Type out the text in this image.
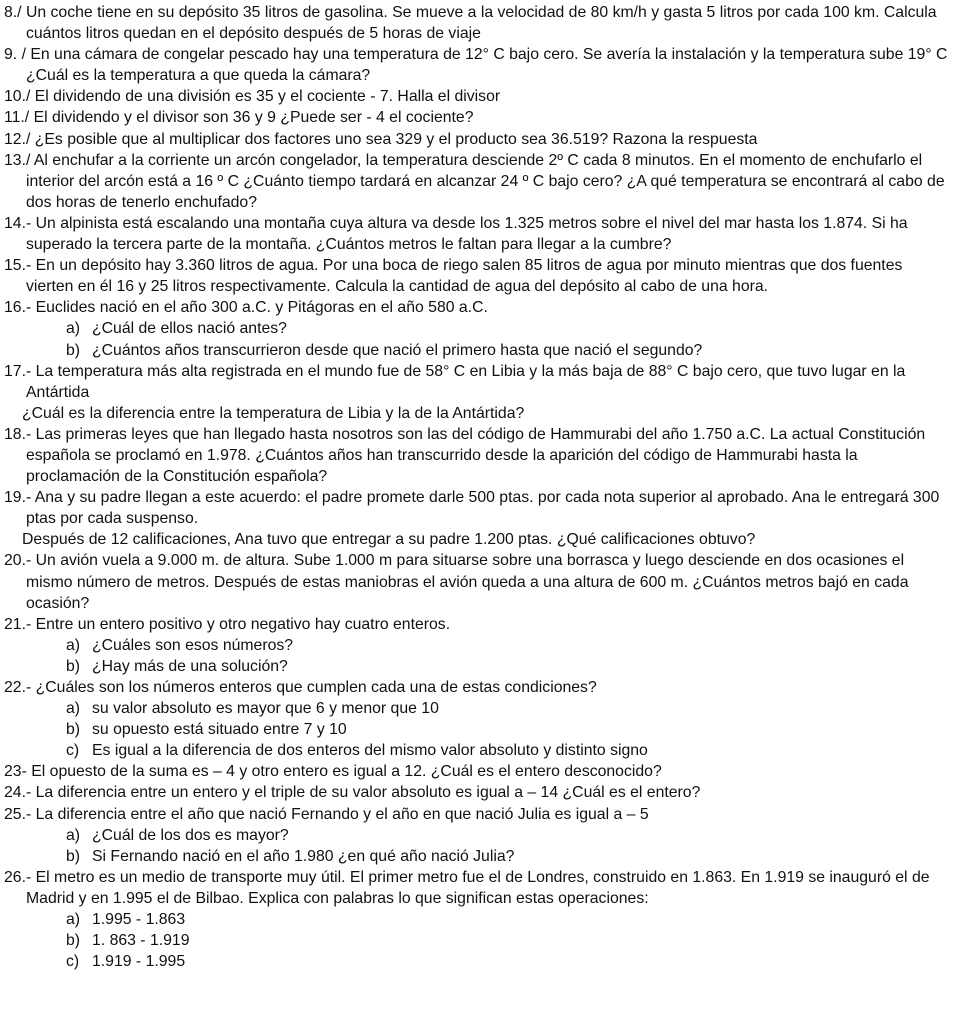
8./ Un coche tiene en su depósito 35 litros de gasolina. Se mueve a la velocidad de 80 km/h y gasta 5 litros por cada 100 km. Calcula cuántos litros quedan en el depósito después de 5 horas de viaje

9. / En una cámara de congelar pescado hay una temperatura de 12° C bajo cero. Se avería la instalación y la temperatura sube 19° C ¿Cuál es la temperatura a que queda la cámara?

10./ El dividendo de una división es 35 y el cociente - 7. Halla el divisor

11./ El dividendo y el divisor son 36 y 9 ¿Puede ser - 4 el cociente?

12./ ¿Es posible que al multiplicar dos factores uno sea 329 y el producto sea 36.519? Razona la respuesta

13./ Al enchufar a la corriente un arcón congelador, la temperatura desciende 2º C cada 8 minutos. En el momento de enchufarlo el interior del arcón está a 16 º C ¿Cuánto tiempo tardará en alcanzar 24 º C bajo cero? ¿A qué temperatura se encontrará al cabo de dos horas de tenerlo enchufado?

14.- Un alpinista está escalando una montaña cuya altura va desde los 1.325 metros sobre el nivel del mar hasta los 1.874. Si ha superado la tercera parte de la montaña. ¿Cuántos metros le faltan para llegar a la cumbre?

15.- En un depósito hay 3.360 litros de agua. Por una boca de riego salen 85 litros de agua por minuto mientras que dos fuentes vierten en él 16 y 25 litros respectivamente. Calcula la cantidad de agua del depósito al cabo de una hora.

16.- Euclides nació en el año 300 a.C. y Pitágoras en el año 580 a.C.

a) ¿Cuál de ellos nació antes?

b) ¿Cuántos años transcurrieron desde que nació el primero hasta que nació el segundo?

17.- La temperatura más alta registrada en el mundo fue de 58° C en Libia y la más baja de 88° C bajo cero, que tuvo lugar en la Antártida

¿Cuál es la diferencia entre la temperatura de Libia y la de la Antártida?

18.- Las primeras leyes que han llegado hasta nosotros son las del código de Hammurabi del año 1.750 a.C. La actual Constitución española se proclamó en 1.978. ¿Cuántos años han transcurrido desde la aparición del código de Hammurabi hasta la proclamación de la Constitución española?

19.- Ana y su padre llegan a este acuerdo: el padre promete darle 500 ptas. por cada nota superior al aprobado. Ana le entregará 300 ptas por cada suspenso.

Después de 12 calificaciones, Ana tuvo que entregar a su padre 1.200 ptas. ¿Qué calificaciones obtuvo?

20.- Un avión vuela a 9.000 m. de altura. Sube 1.000 m para situarse sobre una borrasca y luego desciende en dos ocasiones el mismo número de metros. Después de estas maniobras el avión queda a una altura de 600 m. ¿Cuántos metros bajó en cada ocasión?

21.- Entre un entero positivo y otro negativo hay cuatro enteros.

a) ¿Cuáles son esos números?

b) ¿Hay más de una solución?

22.- ¿Cuáles son los números enteros que cumplen cada una de estas condiciones?

a) su valor absoluto es mayor que 6 y menor que 10

b) su opuesto está situado entre 7 y 10

c) Es igual a la diferencia de dos enteros del mismo valor absoluto y distinto signo

23- El opuesto de la suma es – 4 y otro entero es igual a 12. ¿Cuál es el entero desconocido?

24.- La diferencia entre un entero y el triple de su valor absoluto es igual a – 14 ¿Cuál es el entero?

25.- La diferencia entre el año que nació Fernando y el año en que nació Julia es igual a – 5

a) ¿Cuál de los dos es mayor?

b) Si Fernando nació en el año 1.980 ¿en qué año nació Julia?

26.- El metro es un medio de transporte muy útil. El primer metro fue el de Londres, construido en 1.863. En 1.919 se inauguró el de Madrid y en 1.995 el de Bilbao. Explica con palabras lo que significan estas operaciones:

a) 1.995 - 1.863

b) 1. 863 - 1.919

c) 1.919 - 1.995
